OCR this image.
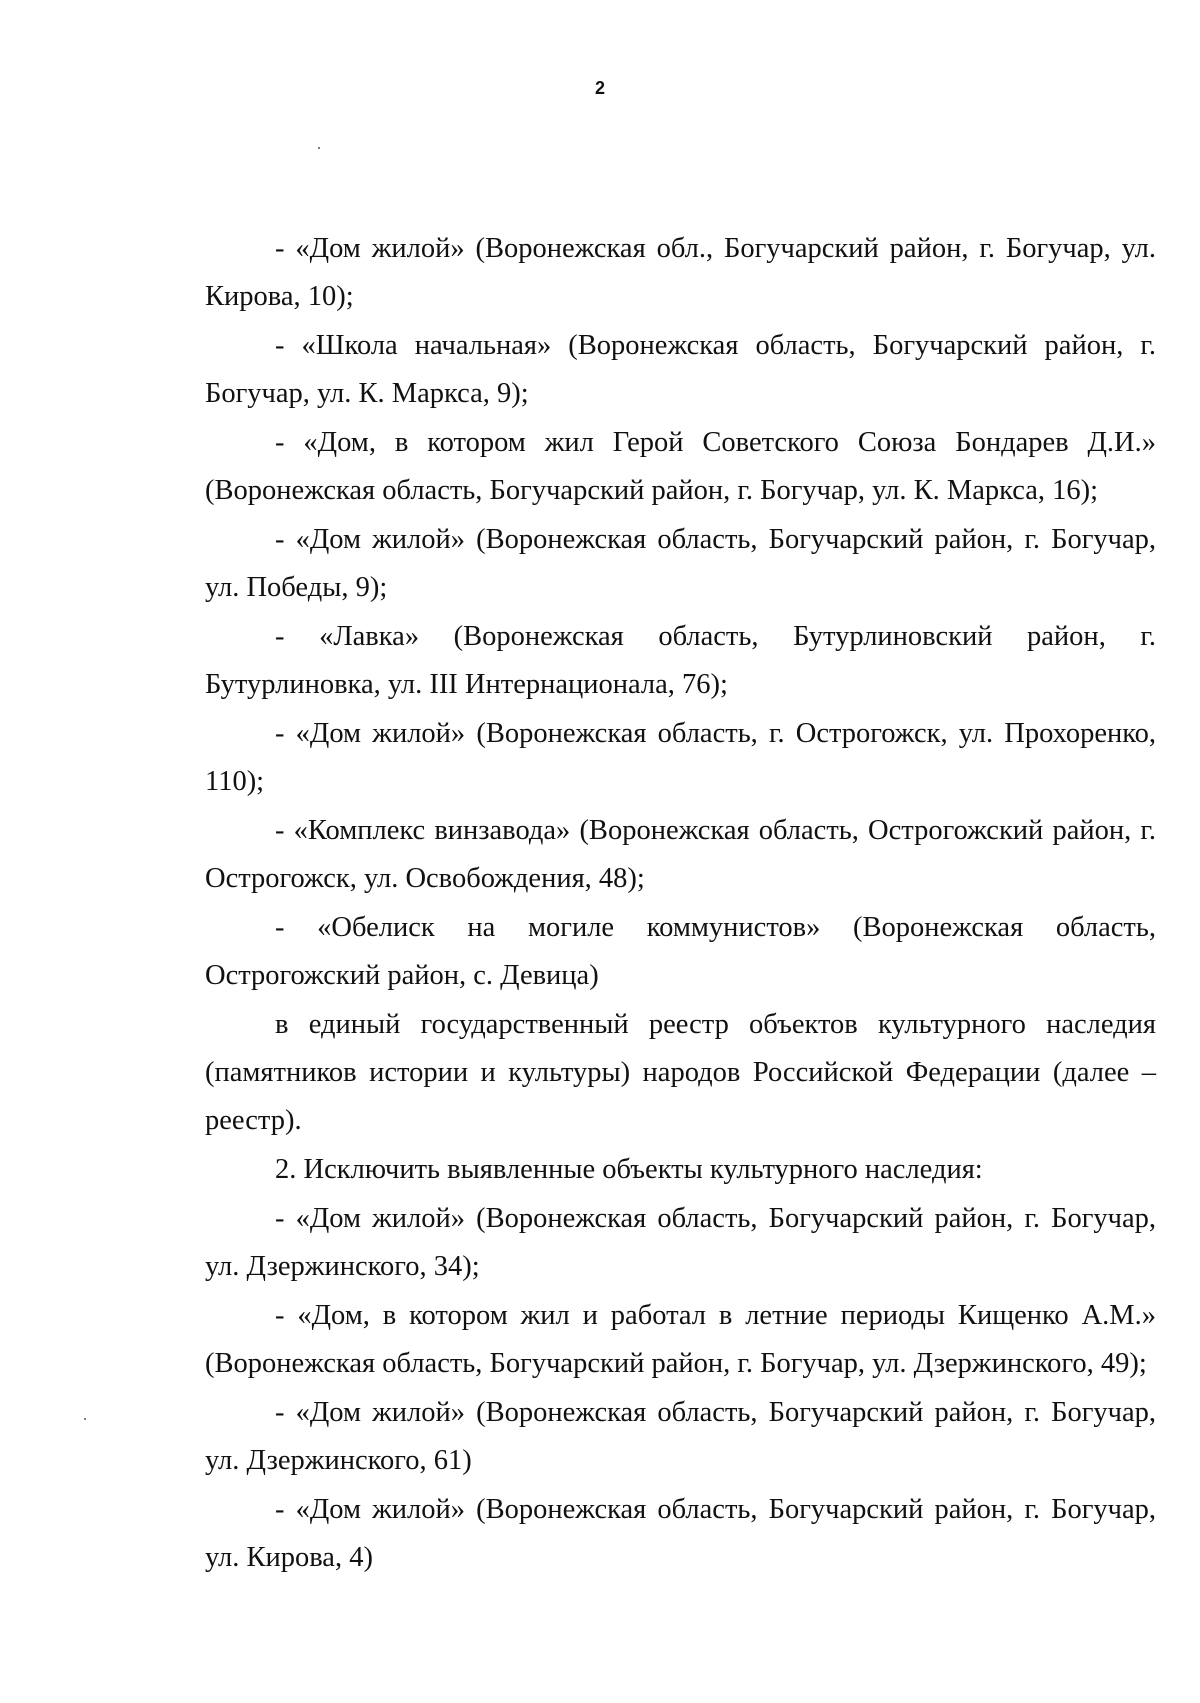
2

- «Дом жилой» (Воронежская обл., Богучарский район, г. Богучар, ул. Кирова, 10);

- «Школа начальная» (Воронежская область, Богучарский район, г. Богучар, ул. К. Маркса, 9);

- «Дом, в котором жил Герой Советского Союза Бондарев Д.И.» (Воронежская область, Богучарский район, г. Богучар, ул. К. Маркса, 16);

- «Дом жилой» (Воронежская область, Богучарский район, г. Богучар, ул. Победы, 9);

- «Лавка» (Воронежская область, Бутурлиновский район, г. Бутурлиновка, ул. III Интернационала, 76);

- «Дом жилой» (Воронежская область, г. Острогожск, ул. Прохоренко, 110);

- «Комплекс винзавода» (Воронежская область, Острогожский район, г. Острогожск, ул. Освобождения, 48);

- «Обелиск на могиле коммунистов» (Воронежская область, Острогожский район, с. Девица)

в единый государственный реестр объектов культурного наследия (памятников истории и культуры) народов Российской Федерации (далее – реестр).

2. Исключить выявленные объекты культурного наследия:

- «Дом жилой» (Воронежская область, Богучарский район, г. Богучар, ул. Дзержинского, 34);

- «Дом, в котором жил и работал в летние периоды Кищенко А.М.» (Воронежская область, Богучарский район, г. Богучар, ул. Дзержинского, 49);

- «Дом жилой» (Воронежская область, Богучарский район, г. Богучар, ул. Дзержинского, 61)

- «Дом жилой» (Воронежская область, Богучарский район, г. Богучар, ул. Кирова, 4)
